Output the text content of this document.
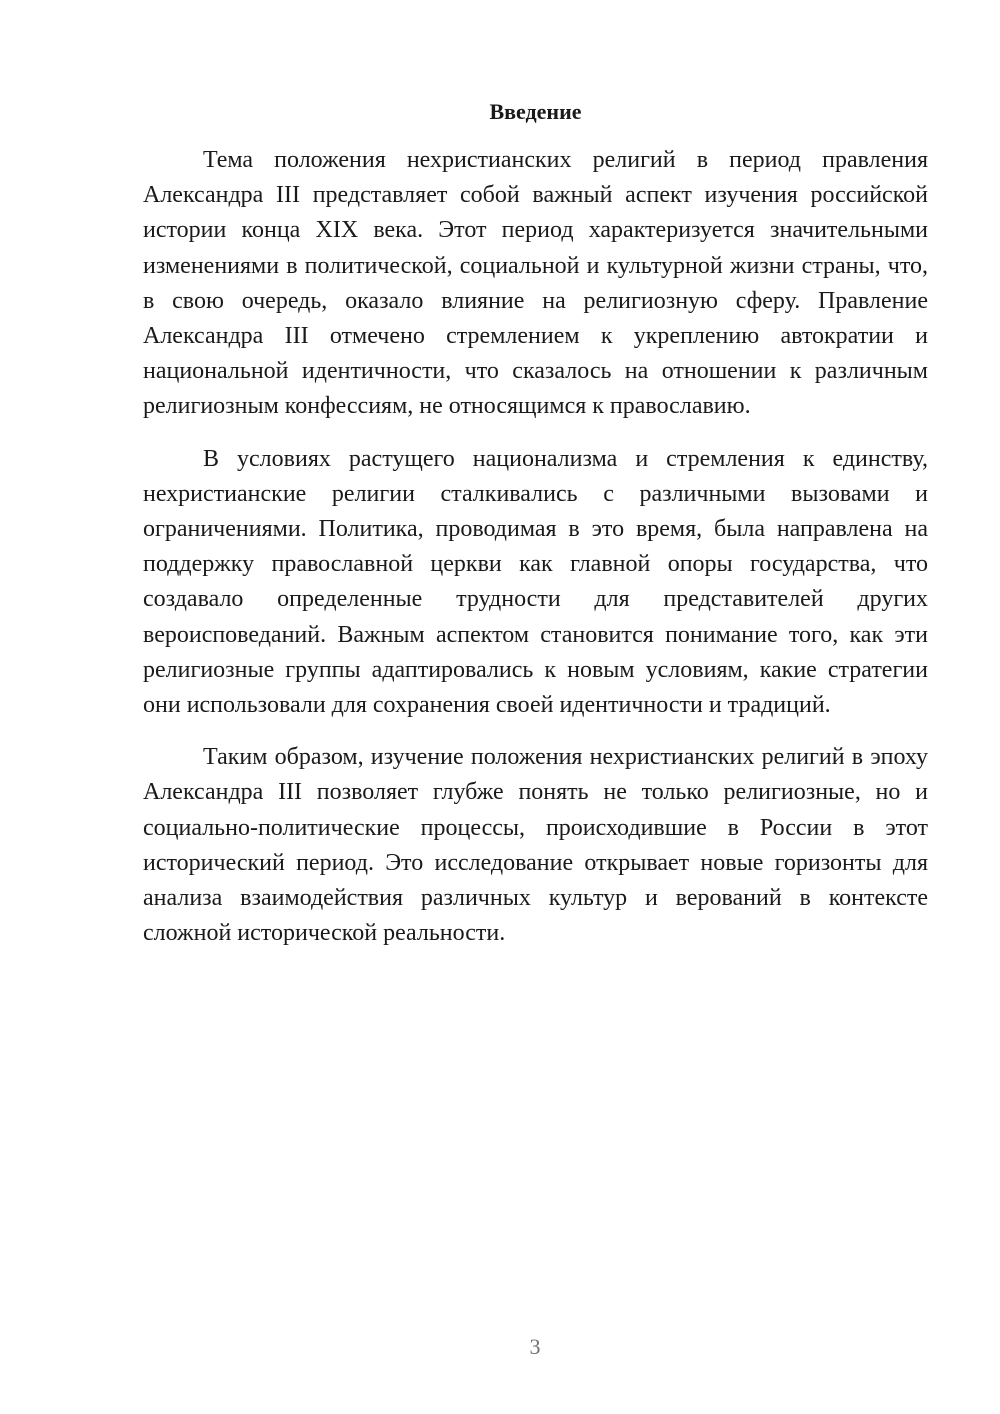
Введение

Тема положения нехристианских религий в период правления Александра III представляет собой важный аспект изучения российской истории конца XIX века. Этот период характеризуется значительными изменениями в политической, социальной и культурной жизни страны, что, в свою очередь, оказало влияние на религиозную сферу. Правление Александра III отмечено стремлением к укреплению автократии и национальной идентичности, что сказалось на отношении к различным религиозным конфессиям, не относящимся к православию.

В условиях растущего национализма и стремления к единству, нехристианские религии сталкивались с различными вызовами и ограничениями. Политика, проводимая в это время, была направлена на поддержку православной церкви как главной опоры государства, что создавало определенные трудности для представителей других вероисповеданий. Важным аспектом становится понимание того, как эти религиозные группы адаптировались к новым условиям, какие стратегии они использовали для сохранения своей идентичности и традиций.

Таким образом, изучение положения нехристианских религий в эпоху Александра III позволяет глубже понять не только религиозные, но и социально-политические процессы, происходившие в России в этот исторический период. Это исследование открывает новые горизонты для анализа взаимодействия различных культур и верований в контексте сложной исторической реальности.

3
